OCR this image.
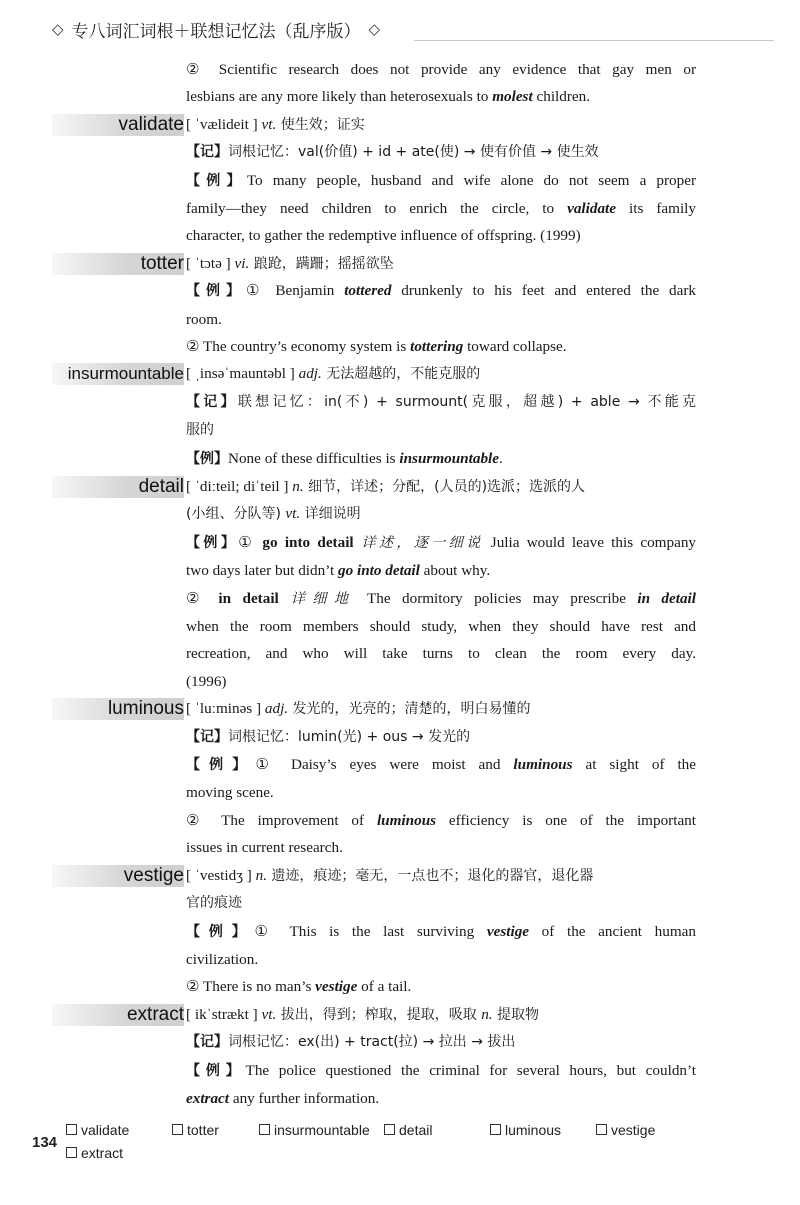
◇ 专八词汇词根＋联想记忆法（乱序版） ◇
② Scientific research does not provide any evidence that gay men or
lesbians are any more likely than heterosexuals to molest children.
validate [ ˈvælideit ] vt. 使生效；证实
【记】词根记忆：val(价值) + id + ate(使) → 使有价值 → 使生效
【例】To many people, husband and wife alone do not seem a proper
family—they need children to enrich the circle, to validate its family
character, to gather the redemptive influence of offspring. (1999)
totter [ ˈtɔtə ] vi. 踉跄，蹒跚；摇摇欲坠
【例】① Benjamin tottered drunkenly to his feet and entered the dark
room.
② The country’s economy system is tottering toward collapse.
insurmountable [ ˌinsəˈmauntəbl ] adj. 无法超越的，不能克服的
【记】联想记忆：in(不) + surmount(克服，超越) + able → 不能克
服的
【例】None of these difficulties is insurmountable.
detail [ ˈdiːteil; diˈteil ] n. 细节，详述；分配，(人员的)选派；选派的人
(小组、分队等) vt. 详细说明
【例】① go into detail 详述，逐一细说 Julia would leave this company
two days later but didn’t go into detail about why.
② in detail 详细地 The dormitory policies may prescribe in detail
when the room members should study, when they should have rest and
recreation, and who will take turns to clean the room every day.
(1996)
luminous [ ˈluːminəs ] adj. 发光的，光亮的；清楚的，明白易懂的
【记】词根记忆：lumin(光) + ous → 发光的
【例】① Daisy’s eyes were moist and luminous at sight of the
moving scene.
② The improvement of luminous efficiency is one of the important
issues in current research.
vestige [ ˈvestidʒ ] n. 遗迹，痕迹；毫无，一点也不；退化的器官，退化器
官的痕迹
【例】① This is the last surviving vestige of the ancient human
civilization.
② There is no man’s vestige of a tail.
extract [ ikˈstrækt ] vt. 拔出，得到；榨取，提取，吸取 n. 提取物
【记】词根记忆：ex(出) + tract(拉) → 拉出 → 拔出
【例】The police questioned the criminal for several hours, but couldn’t
extract any further information.
134
validate	totter	insurmountable	detail	luminous	vestige
extract
